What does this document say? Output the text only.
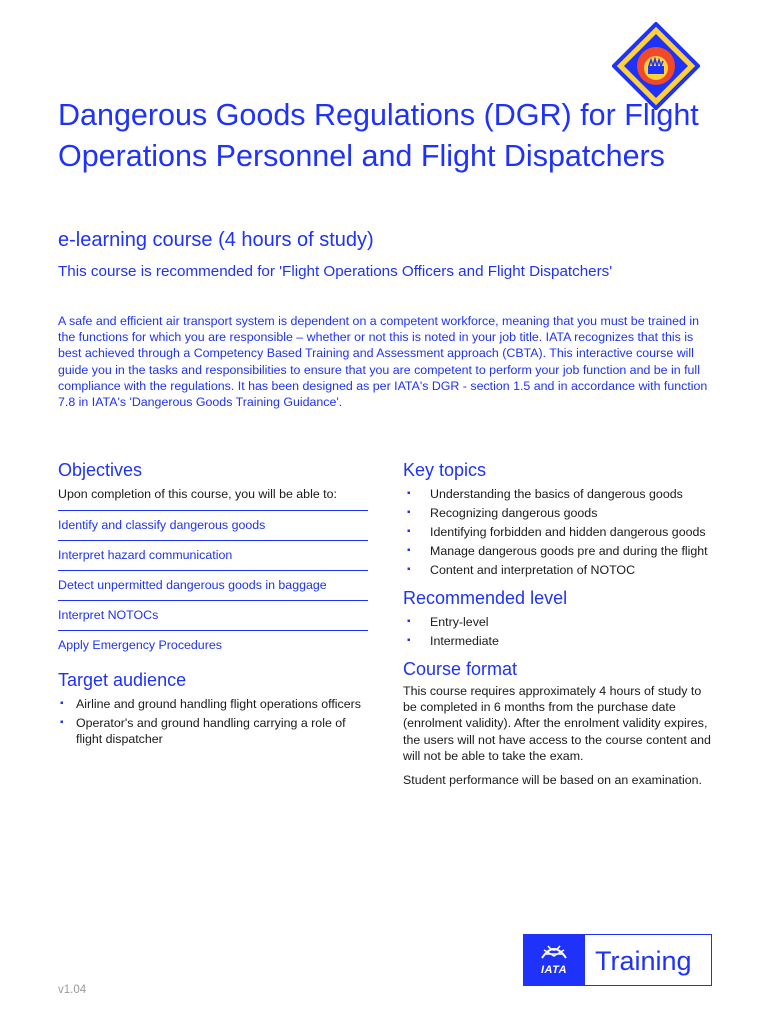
Dangerous Goods Regulations (DGR) for Flight Operations Personnel and Flight Dispatchers
e-learning course (4 hours of study)

This course is recommended for 'Flight Operations Officers and Flight Dispatchers'

A safe and efficient air transport system is dependent on a competent workforce, meaning that you must be trained in the functions for which you are responsible – whether or not this is noted in your job title. IATA recognizes that this is best achieved through a Competency Based Training and Assessment approach (CBTA). This interactive course will guide you in the tasks and responsibilities to ensure that you are competent to perform your job function and be in full compliance with the regulations. It has been designed as per IATA's DGR - section 1.5 and in accordance with function 7.8 in IATA's 'Dangerous Goods Training Guidance'.

Objectives

Upon completion of this course, you will be able to:

Identify and classify dangerous goods
Interpret hazard communication
Detect unpermitted dangerous goods in baggage
Interpret NOTOCs
Apply Emergency Procedures
Target audience
▪ Airline and ground handling flight operations officers
▪ Operator's and ground handling carrying a role of flight dispatcher
Key topics
▪ Understanding the basics of dangerous goods
▪ Recognizing dangerous goods
▪ Identifying forbidden and hidden dangerous goods
▪ Manage dangerous goods pre and during the flight
▪ Content and interpretation of NOTOC
Recommended level
▪ Entry-level
▪ Intermediate
Course format

This course requires approximately 4 hours of study to be completed in 6 months from the purchase date (enrolment validity). After the enrolment validity expires, the users will not have access to the course content and will not be able to take the exam.

Student performance will be based on an examination.

IATA	Training
v1.04
